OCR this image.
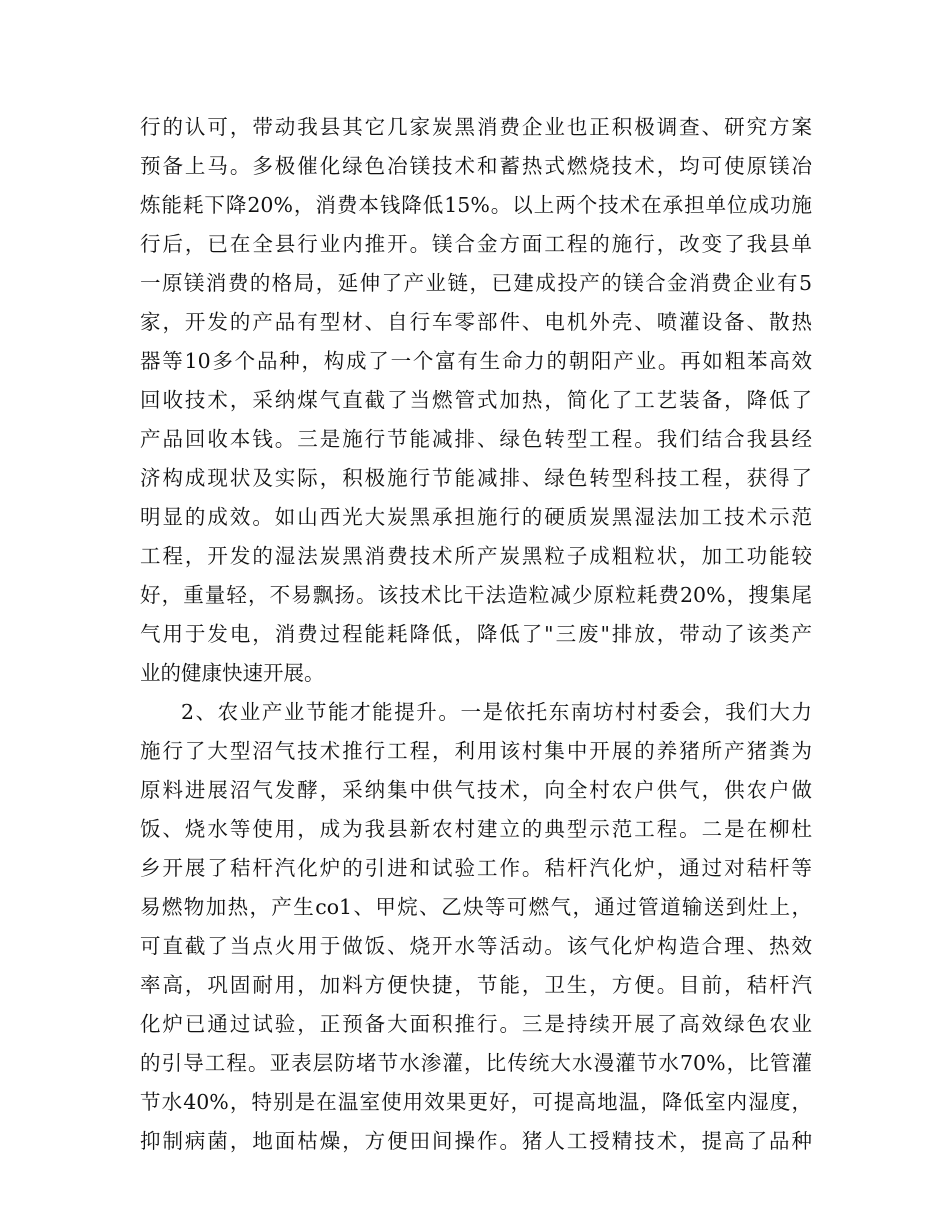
行的认可，带动我县其它几家炭黑消费企业也正积极调查、研究方案
预备上马。多极催化绿色冶镁技术和蓄热式燃烧技术，均可使原镁冶
炼能耗下降20%，消费本钱降低15%。以上两个技术在承担单位成功施
行后，已在全县行业内推开。镁合金方面工程的施行，改变了我县单
一原镁消费的格局，延伸了产业链，已建成投产的镁合金消费企业有5
家，开发的产品有型材、自行车零部件、电机外壳、喷灌设备、散热
器等10多个品种，构成了一个富有生命力的朝阳产业。再如粗苯高效
回收技术，采纳煤气直截了当燃管式加热，简化了工艺装备，降低了
产品回收本钱。三是施行节能减排、绿色转型工程。我们结合我县经
济构成现状及实际，积极施行节能减排、绿色转型科技工程，获得了
明显的成效。如山西光大炭黑承担施行的硬质炭黑湿法加工技术示范
工程，开发的湿法炭黑消费技术所产炭黑粒子成粗粒状，加工功能较
好，重量轻，不易飘扬。该技术比干法造粒减少原粒耗费20%，搜集尾
气用于发电，消费过程能耗降低，降低了"三废"排放，带动了该类产
业的健康快速开展。
2、农业产业节能才能提升。一是依托东南坊村村委会，我们大力
施行了大型沼气技术推行工程，利用该村集中开展的养猪所产猪粪为
原料进展沼气发酵，采纳集中供气技术，向全村农户供气，供农户做
饭、烧水等使用，成为我县新农村建立的典型示范工程。二是在柳杜
乡开展了秸杆汽化炉的引进和试验工作。秸杆汽化炉，通过对秸杆等
易燃物加热，产生co1、甲烷、乙炔等可燃气，通过管道输送到灶上，
可直截了当点火用于做饭、烧开水等活动。该气化炉构造合理、热效
率高，巩固耐用，加料方便快捷，节能，卫生，方便。目前，秸杆汽
化炉已通过试验，正预备大面积推行。三是持续开展了高效绿色农业
的引导工程。亚表层防堵节水渗灌，比传统大水漫灌节水70%，比管灌
节水40%，特别是在温室使用效果更好，可提高地温，降低室内湿度，
抑制病菌，地面枯燥，方便田间操作。猪人工授精技术，提高了品种
